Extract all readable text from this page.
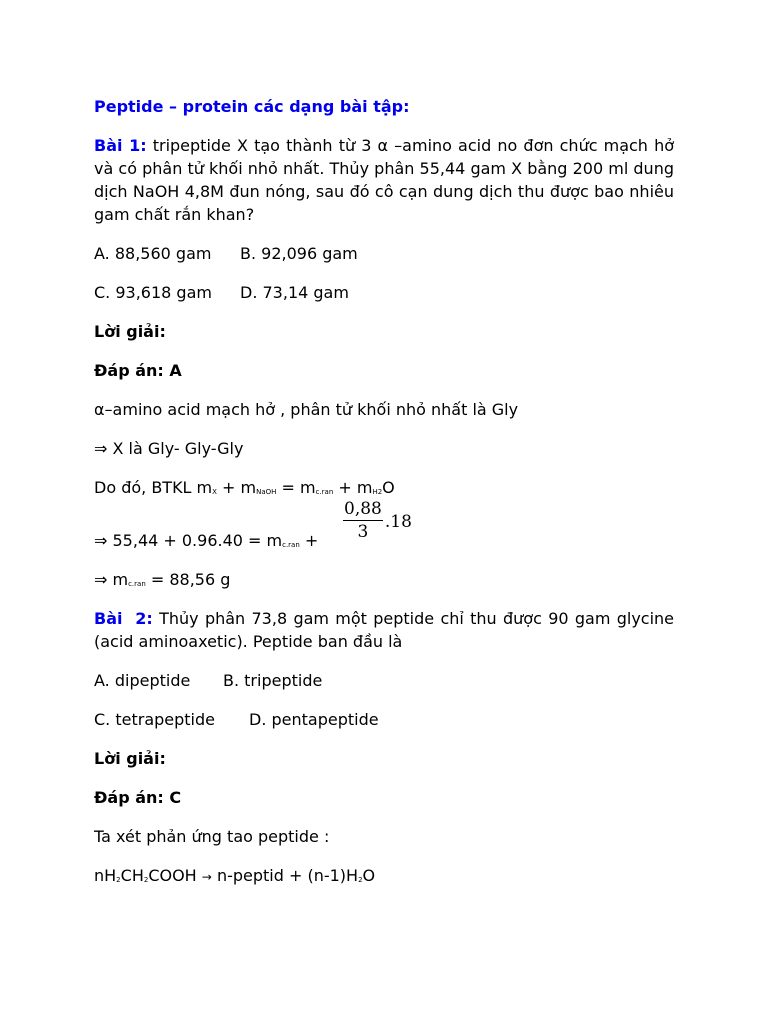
Peptide – protein các dạng bài tập:

Bài 1: tripeptide X tạo thành từ 3 α –amino acid no đơn chức mạch hở và có phân tử khối nhỏ nhất. Thủy phân 55,44 gam X bằng 200 ml dung dịch NaOH 4,8M đun nóng, sau đó cô cạn dung dịch thu được bao nhiêu gam chất rắn khan?

A. 88,560 gam B. 92,096 gam

C. 93,618 gam D. 73,14 gam

Lời giải:

Đáp án: A

α–amino acid mạch hở , phân tử khối nhỏ nhất là Gly

⇒ X là Gly- Gly-Gly

Do đó, BTKL $m_X + m_{NaOH} = m_{c.ran} + m_{H2}O$

⇒ $55,44 + 0.96.40 = m_{c.ran} + \frac{0,88}{3} .18$

⇒ $m_{c.ran} = 88,56$ g

Bài 2: Thủy phân 73,8 gam một peptide chỉ thu được 90 gam glycine (acid aminoaxetic). Peptide ban đầu là

A. dipeptide B. tripeptide

C. tetrapeptide D. pentapeptide

Lời giải:

Đáp án: C

Ta xét phản ứng tao peptide :

$nH_2CH_2COOH$ → n-peptid + $(n-1)H_2O$
